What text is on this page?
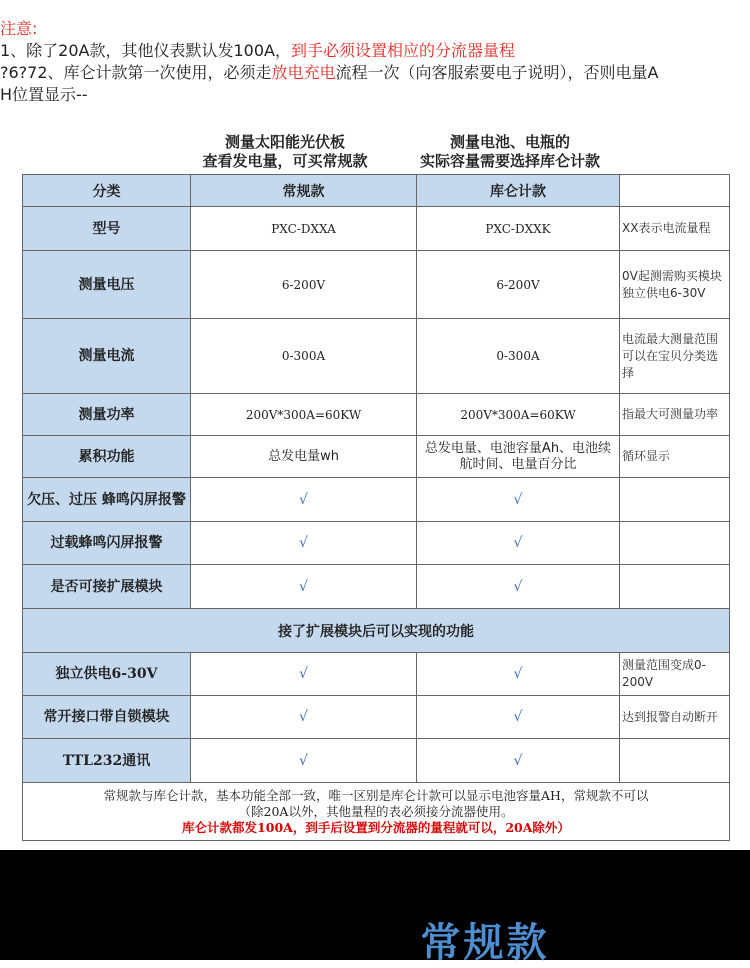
注意:

1、除了20A款，其他仪表默认发100A，到手必须设置相应的分流器量程

?6?72、库仑计款第一次使用，必须走放电充电流程一次（向客服索要电子说明），否则电量A

H位置显示--

测量太阳能光伏板
查看发电量，可买常规款
测量电池、电瓶的
实际容量需要选择库仑计款
分类	常规款	库仑计款	
型号	PXC-DXXA	PXC-DXXK	XX表示电流量程
测量电压	6-200V	6-200V	0V起测需购买模块 独立供电6-30V
测量电流	0-300A	0-300A	电流最大测量范围可以在宝贝分类选择
测量功率	200V*300A=60KW	200V*300A=60KW	指最大可测量功率
累积功能	总发电量wh	总发电量、电池容量Ah、电池续航时间、电量百分比	循环显示
欠压、过压 蜂鸣闪屏报警	√	√	
过载蜂鸣闪屏报警	√	√	
是否可接扩展模块	√	√	
接了扩展模块后可以实现的功能			
独立供电6-30V	√	√	测量范围变成0-200V
常开接口带自锁模块	√	√	达到报警自动断开
TTL232通讯	√	√	

常规款与库仑计款，基本功能全部一致，唯一区别是库仑计款可以显示电池容量AH，常规款不可以
（除20A以外，其他量程的表必须接分流器使用。
库仑计款都发100A，到手后设置到分流器的量程就可以，20A除外）			
常规款
